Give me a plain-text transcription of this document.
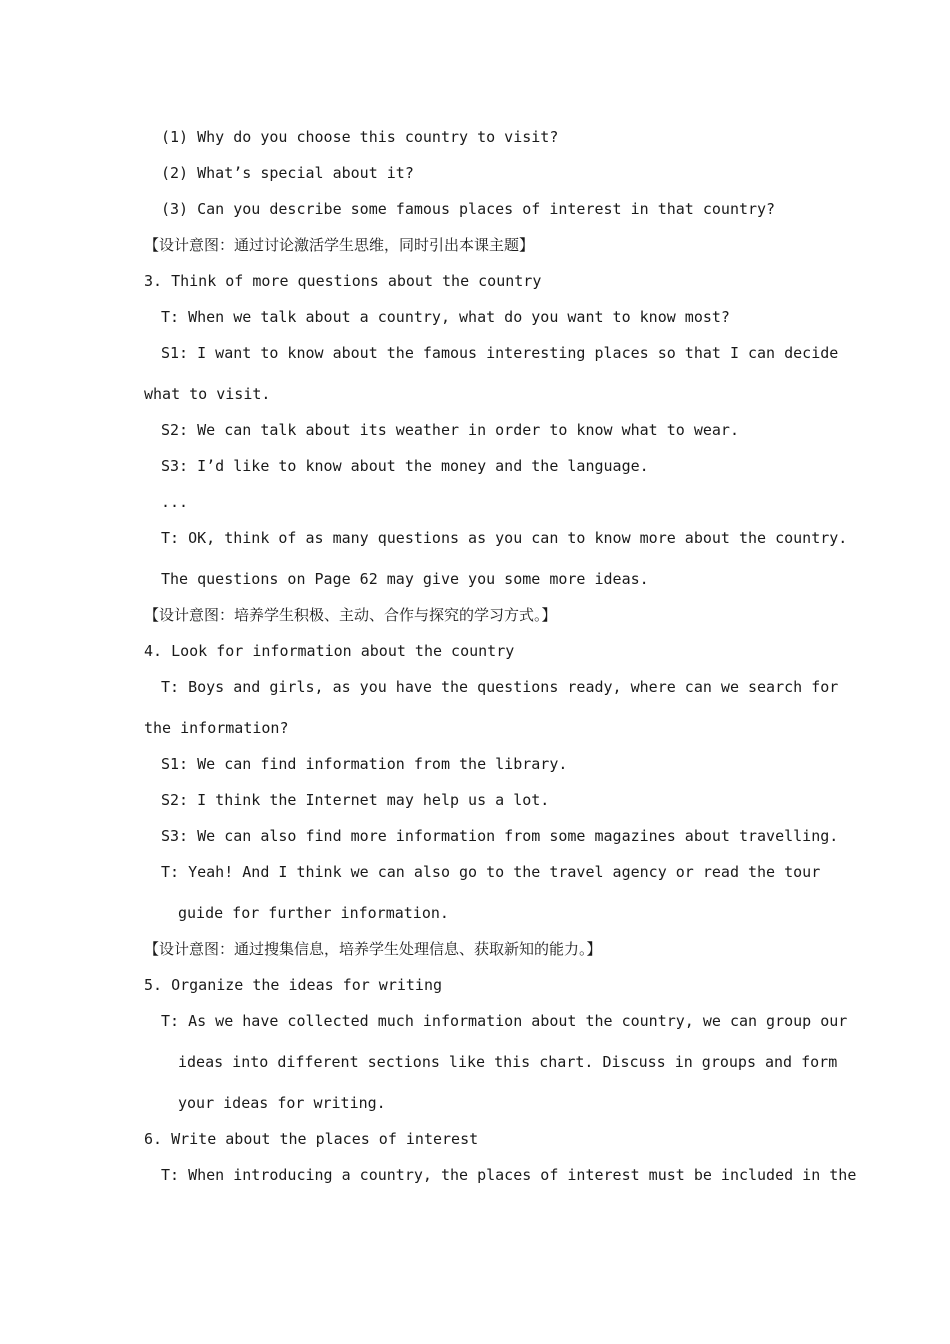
(1) Why do you choose this country to visit?
(2) What’s special about it?
(3) Can you describe some famous places of interest in that country?
【设计意图：通过讨论激活学生思维，同时引出本课主题】
3. Think of more questions about the country
T: When we talk about a country, what do you want to know most?
S1: I want to know about the famous interesting places so that I can decide
what to visit.
S2: We can talk about its weather in order to know what to wear.
S3: I’d like to know about the money and the language.
...
T: OK, think of as many questions as you can to know more about the country.
The questions on Page 62 may give you some more ideas.
【设计意图：培养学生积极、主动、合作与探究的学习方式。】
4. Look for information about the country
T: Boys and girls, as you have the questions ready, where can we search for
the information?
S1: We can find information from the library.
S2: I think the Internet may help us a lot.
S3: We can also find more information from some magazines about travelling.
T: Yeah! And I think we can also go to the travel agency or read the tour
guide for further information.
【设计意图：通过搜集信息，培养学生处理信息、获取新知的能力。】
5. Organize the ideas for writing
T: As we have collected much information about the country, we can group our
ideas into different sections like this chart. Discuss in groups and form
your ideas for writing.
6. Write about the places of interest
T: When introducing a country, the places of interest must be included in the
